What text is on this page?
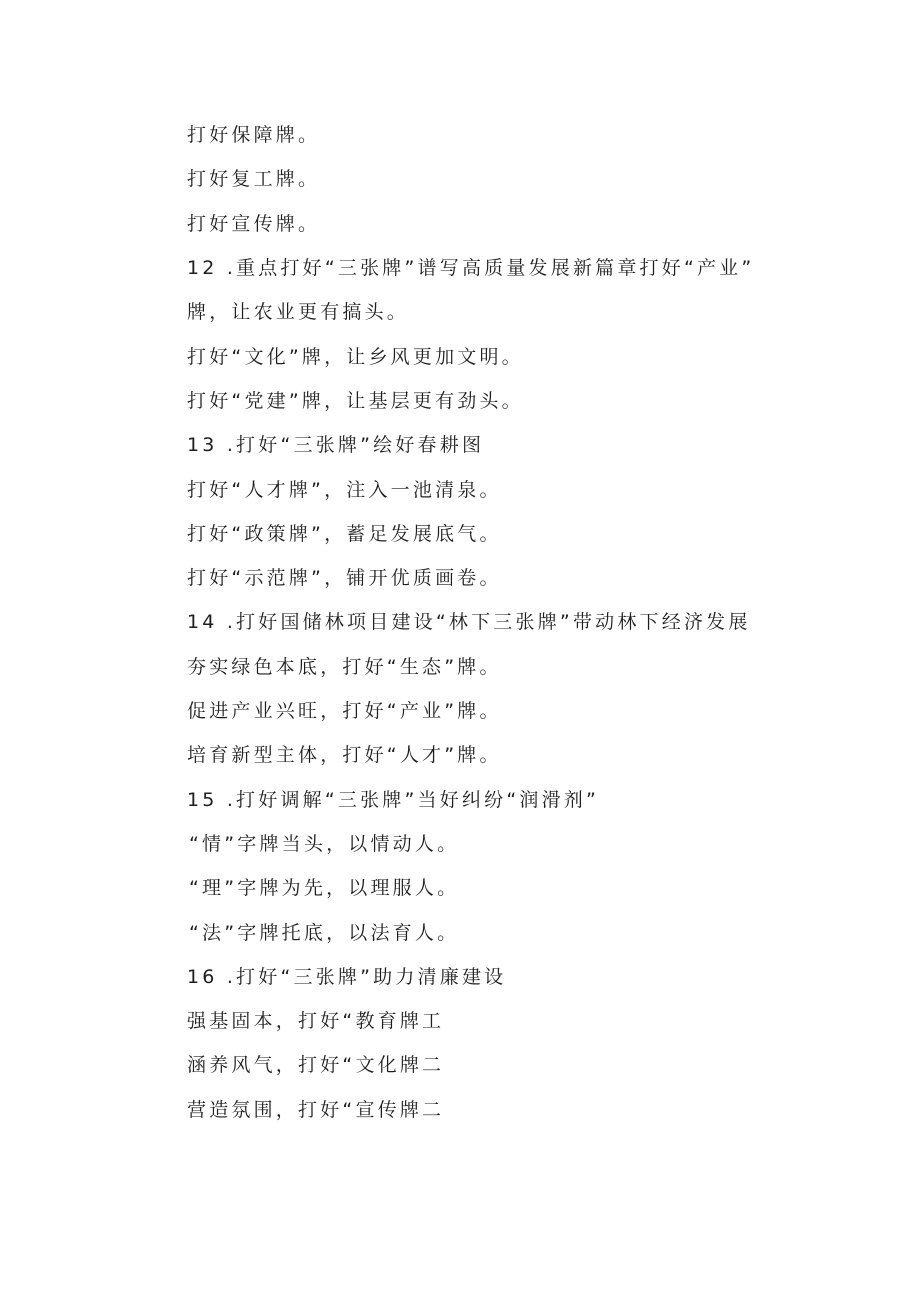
打好保障牌。
打好复工牌。
打好宣传牌。
12 .重点打好“三张牌”谱写高质量发展新篇章打好“产业”
牌，让农业更有搞头。
打好“文化”牌，让乡风更加文明。
打好“党建”牌，让基层更有劲头。
13 .打好“三张牌”绘好春耕图
打好“人才牌”，注入一池清泉。
打好“政策牌”，蓄足发展底气。
打好“示范牌”，铺开优质画卷。
14 .打好国储林项目建设“林下三张牌”带动林下经济发展
夯实绿色本底，打好“生态”牌。
促进产业兴旺，打好“产业”牌。
培育新型主体，打好“人才”牌。
15 .打好调解“三张牌”当好纠纷“润滑剂”
“情”字牌当头，以情动人。
“理”字牌为先，以理服人。
“法”字牌托底，以法育人。
16 .打好“三张牌”助力清廉建设
强基固本，打好“教育牌工
涵养风气，打好“文化牌二
营造氛围，打好“宣传牌二
